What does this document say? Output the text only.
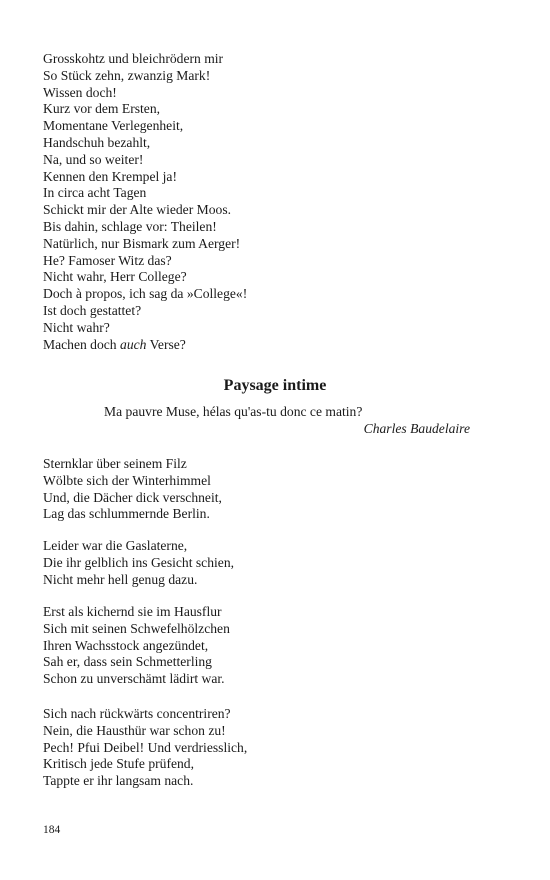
Grosskohtz und bleichrödern mir
So Stück zehn, zwanzig Mark!
Wissen doch!
Kurz vor dem Ersten,
Momentane Verlegenheit,
Handschuh bezahlt,
Na, und so weiter!
Kennen den Krempel ja!
In circa acht Tagen
Schickt mir der Alte wieder Moos.
Bis dahin, schlage vor: Theilen!
Natürlich, nur Bismark zum Aerger!
He? Famoser Witz das?
Nicht wahr, Herr College?
Doch à propos, ich sag da »College«!
Ist doch gestattet?
Nicht wahr?
Machen doch auch Verse?
Paysage intime
Ma pauvre Muse, hélas qu'as-tu donc ce matin?
Charles Baudelaire
Sternklar über seinem Filz
Wölbte sich der Winterhimmel
Und, die Dächer dick verschneit,
Lag das schlummernde Berlin.
Leider war die Gaslaterne,
Die ihr gelblich ins Gesicht schien,
Nicht mehr hell genug dazu.
Erst als kichernd sie im Hausflur
Sich mit seinen Schwefelhölzchen
Ihren Wachsstock angezündet,
Sah er, dass sein Schmetterling
Schon zu unverschämt lädirt war.
Sich nach rückwärts concentriren?
Nein, die Hausthür war schon zu!
Pech! Pfui Deibel! Und verdriesslich,
Kritisch jede Stufe prüfend,
Tappte er ihr langsam nach.
184
